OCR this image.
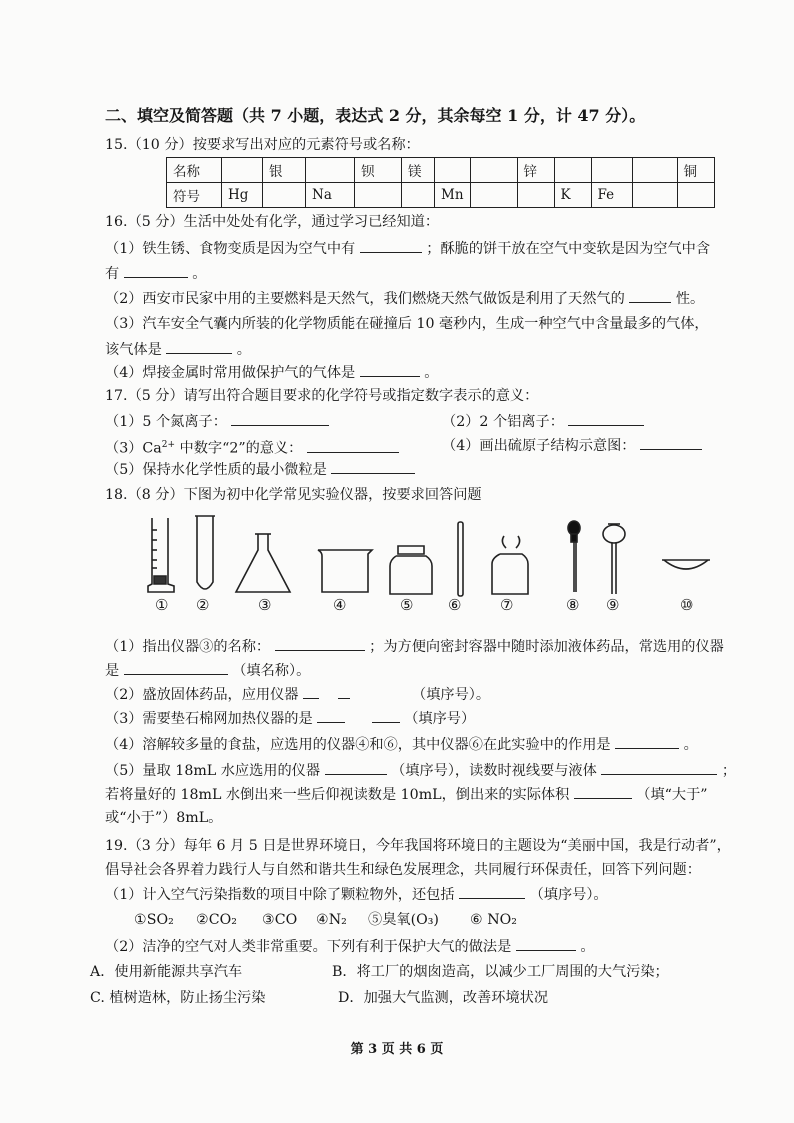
二、填空及简答题（共 7 小题，表达式 2 分，其余每空 1 分，计 47 分）。
15.（10 分）按要求写出对应的元素符号或名称：
名称		银		钡	镁			锌				铜
符号	Hg		Na			Mn			K	Fe		
16.（5 分）生活中处处有化学，通过学习已经知道：
（1）铁生锈、食物变质是因为空气中有	；酥脆的饼干放在空气中变软是因为空气中含
有	。
（2）西安市民家中用的主要燃料是天然气，我们燃烧天然气做饭是利用了天然气的	性。
（3）汽车安全气囊内所装的化学物质能在碰撞后 10 毫秒内，生成一种空气中含量最多的气体，
该气体是	。
（4）焊接金属时常用做保护气的气体是	。
17.（5 分）请写出符合题目要求的化学符号或指定数字表示的意义：
（1）5 个氮离子：	（2）2 个铝离子：
$(3)Ca^{2+}$ 中数字“2”的意义：	（4）画出硫原子结构示意图：
（5）保持水化学性质的最小微粒是
18.（8 分）下图为初中化学常见实验仪器，按要求回答问题
① ②	③	④	⑤ ⑥	⑦	⑧ ⑨	⑩
（1）指出仪器③的名称：	；为方便向密封容器中随时添加液体药品，常选用的仪器
是	（填名称）。
（2）盛放固体药品，应用仪器	（填序号）。
（3）需要垫石棉网加热仪器的是	（填序号）
（4）溶解较多量的食盐，应选用的仪器④和⑥，其中仪器⑥在此实验中的作用是	。
（5）量取 18mL 水应选用的仪器	（填序号），读数时视线要与液体	；
若将量好的 18mL 水倒出来一些后仰视读数是 10mL，倒出来的实际体积	（填“大于”
或“小于”）8mL。
19.（3 分）每年 6 月 5 日是世界环境日，今年我国将环境日的主题设为“美丽中国，我是行动者”，
倡导社会各界着力践行人与自然和谐共生和绿色发展理念，共同履行环保责任，回答下列问题：
（1）计入空气污染指数的项目中除了颗粒物外，还包括	（填序号）。
①SO₂ ②CO₂ ③CO ④N₂ ⑤臭氧(O₃) ⑥ NO₂
（2）洁净的空气对人类非常重要。下列有利于保护大气的做法是	。
A．使用新能源共享汽车	B．将工厂的烟囱造高，以减少工厂周围的大气污染；
C. 植树造林，防止扬尘污染	D．加强大气监测，改善环境状况
第 3 页 共 6 页
